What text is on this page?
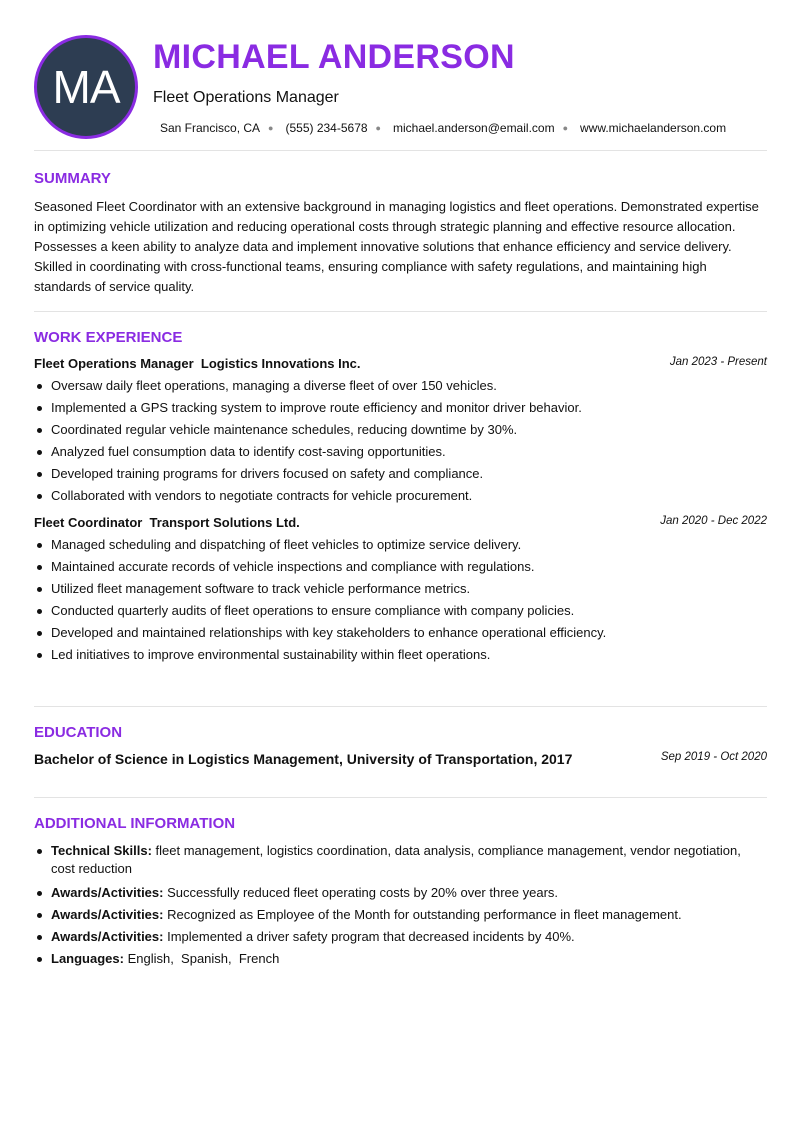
MA
MICHAEL ANDERSON
Fleet Operations Manager
San Francisco, CA ● (555) 234-5678 ● michael.anderson@email.com ● www.michaelanderson.com
SUMMARY

Seasoned Fleet Coordinator with an extensive background in managing logistics and fleet operations. Demonstrated expertise in optimizing vehicle utilization and reducing operational costs through strategic planning and effective resource allocation. Possesses a keen ability to analyze data and implement innovative solutions that enhance efficiency and service delivery. Skilled in coordinating with cross-functional teams, ensuring compliance with safety regulations, and maintaining high standards of service quality.

WORK EXPERIENCE
Fleet Operations Manager  Logistics Innovations Inc.	Jan 2023 - Present
Oversaw daily fleet operations, managing a diverse fleet of over 150 vehicles.
Implemented a GPS tracking system to improve route efficiency and monitor driver behavior.
Coordinated regular vehicle maintenance schedules, reducing downtime by 30%.
Analyzed fuel consumption data to identify cost-saving opportunities.
Developed training programs for drivers focused on safety and compliance.
Collaborated with vendors to negotiate contracts for vehicle procurement.
Fleet Coordinator  Transport Solutions Ltd.	Jan 2020 - Dec 2022
Managed scheduling and dispatching of fleet vehicles to optimize service delivery.
Maintained accurate records of vehicle inspections and compliance with regulations.
Utilized fleet management software to track vehicle performance metrics.
Conducted quarterly audits of fleet operations to ensure compliance with company policies.
Developed and maintained relationships with key stakeholders to enhance operational efficiency.
Led initiatives to improve environmental sustainability within fleet operations.
EDUCATION
Bachelor of Science in Logistics Management, University of Transportation, 2017	Sep 2019 - Oct 2020
ADDITIONAL INFORMATION
Technical Skills: fleet management, logistics coordination, data analysis, compliance management, vendor negotiation, cost reduction
Awards/Activities: Successfully reduced fleet operating costs by 20% over three years.
Awards/Activities: Recognized as Employee of the Month for outstanding performance in fleet management.
Awards/Activities: Implemented a driver safety program that decreased incidents by 40%.
Languages: English,  Spanish,  French
